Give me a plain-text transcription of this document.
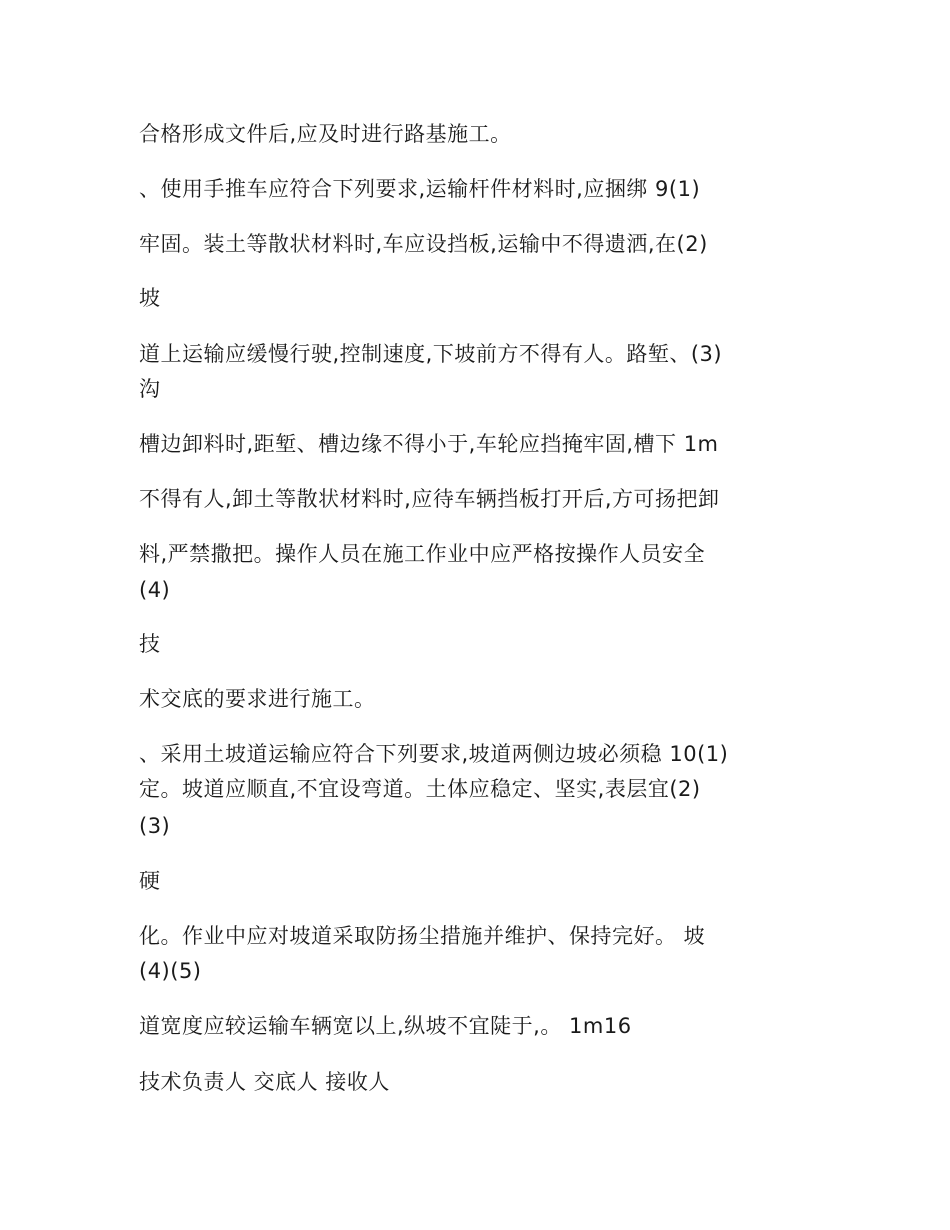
合格形成文件后,应及时进行路基施工。

、使用手推车应符合下列要求,运输杆件材料时,应捆绑 9(1)

牢固。装土等散状材料时,车应设挡板,运输中不得遗洒,在(2)

坡

道上运输应缓慢行驶,控制速度,下坡前方不得有人。路堑、(3)

沟

槽边卸料时,距堑、槽边缘不得小于,车轮应挡掩牢固,槽下 1m

不得有人,卸土等散状材料时,应待车辆挡板打开后,方可扬把卸

料,严禁撒把。操作人员在施工作业中应严格按操作人员安全

(4)

技

术交底的要求进行施工。

、采用土坡道运输应符合下列要求,坡道两侧边坡必须稳 10(1)

定。坡道应顺直,不宜设弯道。土体应稳定、坚实,表层宜(2)

(3)

硬

化。作业中应对坡道采取防扬尘措施并维护、保持完好。 坡

(4)(5)

道宽度应较运输车辆宽以上,纵坡不宜陡于,。 1m16

技术负责人 交底人 接收人
